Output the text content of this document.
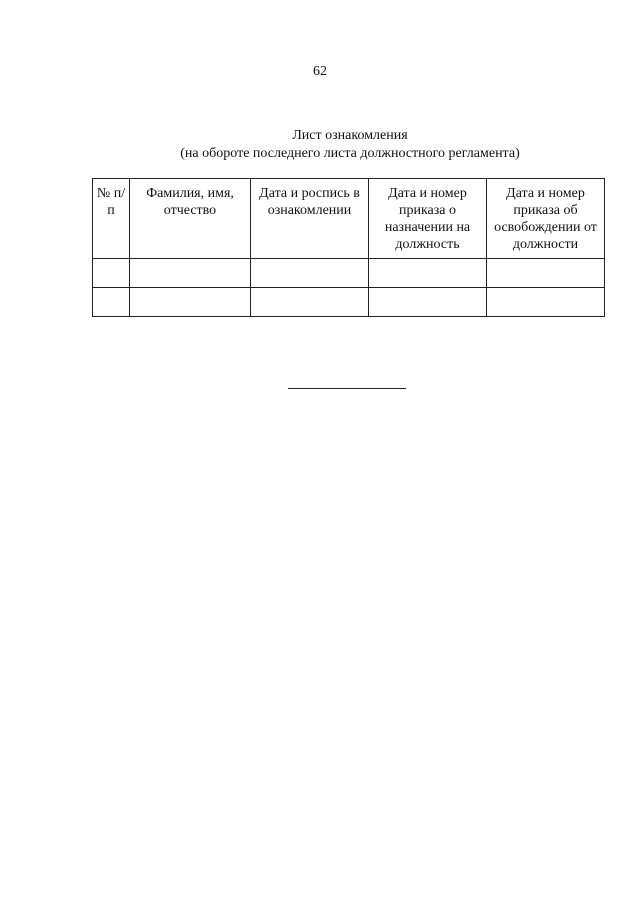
62
Лист ознакомления
(на обороте последнего листа должностного регламента)
№ п/п	Фамилия, имя, отчество	Дата и роспись в ознакомлении	Дата и номер приказа о назначении на должность	Дата и номер приказа об освобождении от должности
